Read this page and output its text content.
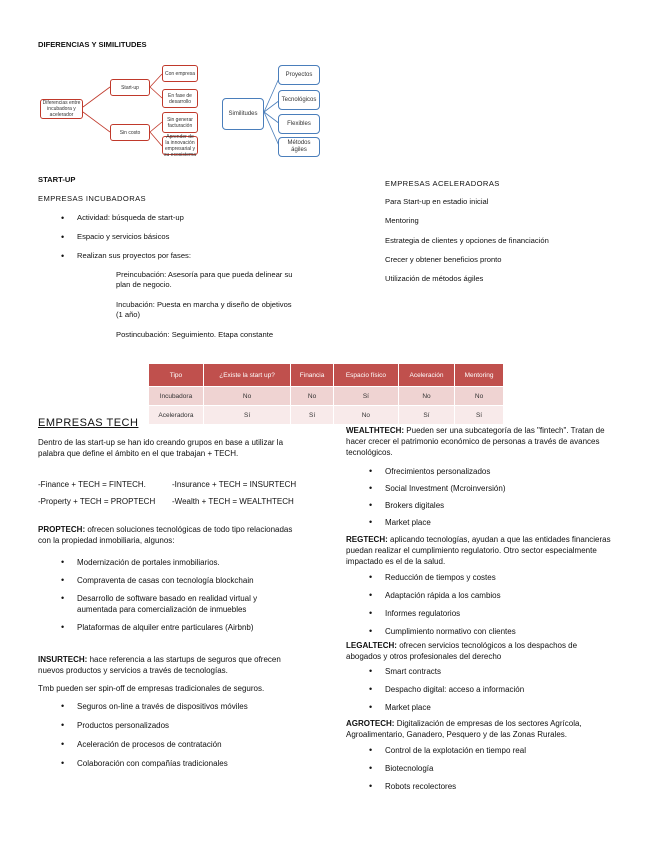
DIFERENCIAS Y SIMILITUDES
Diferencias entre incubadora y acelerador
Start-up
Sin costo
Con empresa
En fase de desarrollo
Sin generar facturación
Aprender de la innovación empresarial y su ecosistema
Similitudes
Proyectos
Tecnológicos
Flexibles
Métodos ágiles
START-UP
EMPRESAS INCUBADORAS
• Actividad: búsqueda de start-up
• Espacio y servicios básicos
• Realizan sus proyectos por fases:
Preincubación: Asesoría para que pueda delinear su plan de negocio.
Incubación: Puesta en marcha y diseño de objetivos (1 año)
Postincubación: Seguimiento. Etapa constante
EMPRESAS ACELERADORAS
Para Start-up en estadio inicial
Mentoring
Estrategia de clientes y opciones de financiación
Crecer y obtener beneficios pronto
Utilización de métodos ágiles
Tipo	¿Existe la start up?	Financia	Espacio físico	Aceleración	Mentoring
Incubadora	No	No	Sí	No	No
Aceleradora	Sí	Sí	No	Sí	Sí
EMPRESAS TECH
Dentro de las start-up se han ido creando grupos en base a utilizar la palabra que define el ámbito en el que trabajan + TECH.
-Finance + TECH = FINTECH.	-Insurance + TECH = INSURTECH
-Property + TECH = PROPTECH -Wealth + TECH = WEALTHTECH
PROPTECH: ofrecen soluciones tecnológicas de todo tipo relacionadas con la propiedad inmobiliaria, algunos:
• Modernización de portales inmobiliarios.
• Compraventa de casas con tecnología blockchain
• Desarrollo de software basado en realidad virtual y aumentada para comercialización de inmuebles
• Plataformas de alquiler entre particulares (Airbnb)
INSURTECH: hace referencia a las startups de seguros que ofrecen nuevos productos y servicios a través de tecnologías.
Tmb pueden ser spin-off de empresas tradicionales de seguros.
• Seguros on-line a través de dispositivos móviles
• Productos personalizados
• Aceleración de procesos de contratación
• Colaboración con compañías tradicionales
WEALTHTECH: Pueden ser una subcategoría de las "fintech". Tratan de hacer crecer el patrimonio económico de personas a través de avances tecnológicos.
• Ofrecimientos personalizados
• Social Investment (Mcroinversión)
• Brokers digitales
• Market place
REGTECH: aplicando tecnologías, ayudan a que las entidades financieras puedan realizar el cumplimiento regulatorio. Otro sector especialmente impactado es el de la salud.
• Reducción de tiempos y costes
• Adaptación rápida a los cambios
• Informes regulatorios
• Cumplimiento normativo con clientes
LEGALTECH: ofrecen servicios tecnológicos a los despachos de abogados y otros profesionales del derecho
• Smart contracts
• Despacho digital: acceso a información
• Market place
AGROTECH: Digitalización de empresas de los sectores Agrícola, Agroalimentario, Ganadero, Pesquero y de las Zonas Rurales.
• Control de la explotación en tiempo real
• Biotecnología
• Robots recolectores
